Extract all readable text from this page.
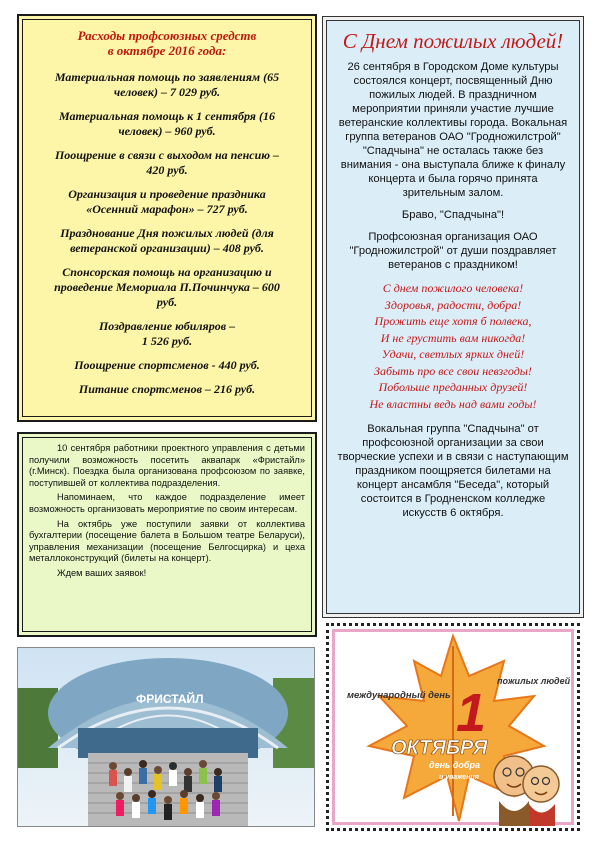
Расходы профсоюзных средств
в октябре 2016 года:
Материальная помощь по заявлениям (65
человек) – 7 029 руб.
Материальная помощь к 1 сентября (16
человек) – 960 руб.
Поощрение в связи с выходом на пенсию –
420 руб.
Организация и проведение праздника
«Осенний марафон» – 727 руб.
Празднование Дня пожилых людей (для
ветеранской организации) – 408 руб.
Спонсорская помощь на организацию и
проведение Мемориала П.Починчука – 600
руб.
Поздравление юбиляров –
1 526 руб.
Поощрение спортсменов - 440 руб.
Питание спортсменов – 216 руб.
С Днем пожилых людей!

26 сентября в Городском Доме культуры состоялся концерт, посвященный Дню пожилых людей. В праздничном мероприятии приняли участие лучшие ветеранские коллективы города. Вокальная группа ветеранов ОАО "Гродножилстрой" "Спадчына" не осталась также без внимания - она выступала ближе к финалу концерта и была горячо принята зрительным залом.

Браво, "Спадчына"!

Профсоюзная организация ОАО "Гродножилстрой" от души поздравляет ветеранов с праздником!

С днем пожилого человека!
Здоровья, радости, добра!
Прожить еще хотя б полвека,
И не грустить вам никогда!
Удачи, светлых ярких дней!
Забыть про все свои невзгоды!
Побольше преданных друзей!
Не властны ведь над вами годы!

Вокальная группа "Спадчына" от профсоюзной организации за свои творческие успехи и в связи с наступающим праздником поощряется билетами на концерт ансамбля "Беседа", который состоится в Гродненском колледже искусств 6 октября.

10 сентября работники проектного управления с детьми получили возможность посетить аквапарк «Фристайл» (г.Минск). Поездка была организована профсоюзом по заявке, поступившей от коллектива подразделения.

Напоминаем, что каждое подразделение имеет возможность организовать мероприятие по своим интересам.

На октябрь уже поступили заявки от коллектива бухгалтерии (посещение балета в Большом театре Беларуси), управления механизации (посещение Белгосцирка) и цеха металлоконструкций (билеты на концерт).

Ждем ваших заявок!

ФРИСТАЙЛ	1
международный день
пожилых людей
ОКТЯБРЯ
день добра
и уважения
